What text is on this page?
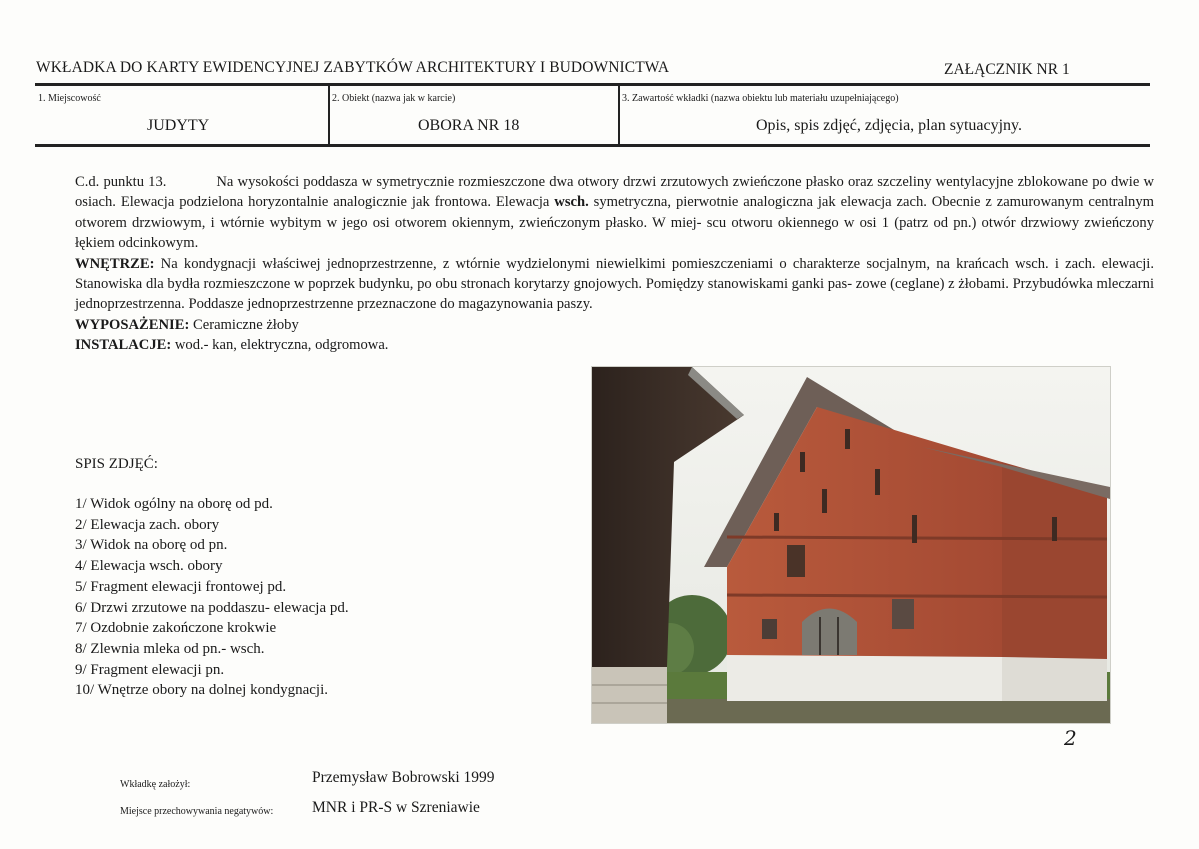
WKŁADKA DO KARTY EWIDENCYJNEJ ZABYTKÓW ARCHITEKTURY I BUDOWNICTWA	ZAŁĄCZNIK NR 1
1. Miejscowość
JUDYTY
2. Obiekt (nazwa jak w karcie)
OBORA NR 18
3. Zawartość wkładki (nazwa obiektu lub materiału uzupełniającego)
Opis, spis zdjęć, zdjęcia, plan sytuacyjny.

C.d. punktu 13.	Na wysokości poddasza w symetrycznie rozmieszczone dwa otwory drzwi zrzutowych zwieńczone płasko oraz szczeliny wentylacyjne zblokowane po dwie w osiach. Elewacja podzielona horyzontalnie analogicznie jak frontowa. Elewacja wsch. symetryczna, pierwotnie analogiczna jak elewacja zach. Obecnie z zamurowanym centralnym otworem drzwiowym, i wtórnie wybitym w jego osi otworem okiennym, zwieńczonym płasko. W miej- scu otworu okiennego w osi 1 (patrz od pn.) otwór drzwiowy zwieńczony łękiem odcinkowym.

WNĘTRZE: Na kondygnacji właściwej jednoprzestrzenne, z wtórnie wydzielonymi niewielkimi pomieszczeniami o charakterze socjalnym, na krańcach wsch. i zach. elewacji. Stanowiska dla bydła rozmieszczone w poprzek budynku, po obu stronach korytarzy gnojowych. Pomiędzy stanowiskami ganki pas- zowe (ceglane) z żłobami. Przybudówka mleczarni jednoprzestrzenna. Poddasze jednoprzestrzenne przeznaczone do magazynowania paszy.

WYPOSAŻENIE: Ceramiczne żłoby

INSTALACJE: wod.- kan, elektryczna, odgromowa.

SPIS ZDJĘĆ:
1/ Widok ogólny na oborę od pd.
2/ Elewacja zach. obory
3/ Widok na oborę od pn.
4/ Elewacja wsch. obory
5/ Fragment elewacji frontowej pd.
6/ Drzwi zrzutowe na poddaszu- elewacja pd.
7/ Ozdobnie zakończone krokwie
8/ Zlewnia mleka od pn.- wsch.
9/ Fragment elewacji pn.
10/ Wnętrze obory na dolnej kondygnacji.
2
Wkładkę założył:	Przemysław Bobrowski 1999
Miejsce przechowywania negatywów: MNR i PR-S w Szreniawie
